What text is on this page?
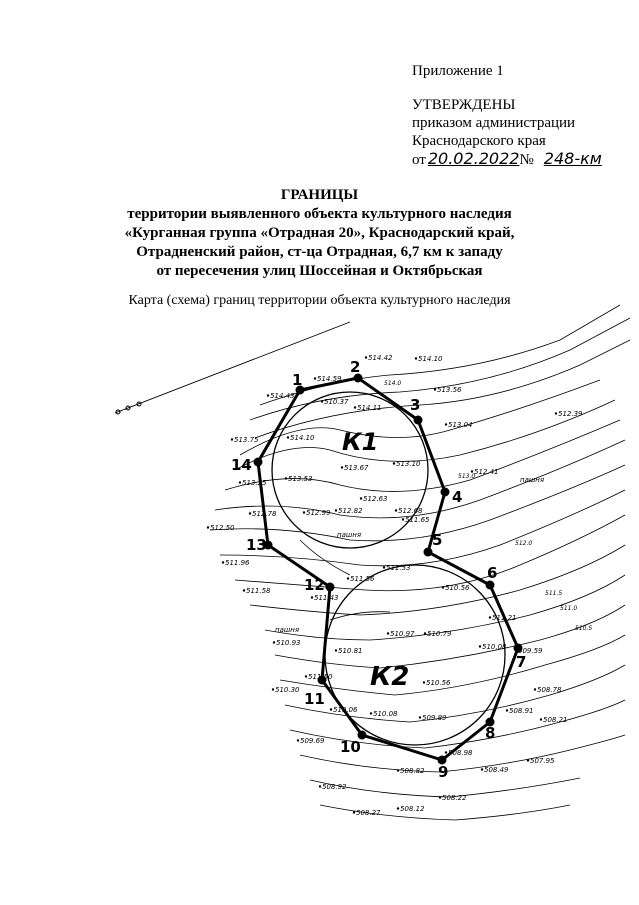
Приложение 1
УТВЕРЖДЕНЫ
приказом администрации
Краснодарского края
от 20.02.2022№ 248-км
ГРАНИЦЫ
территории выявленного объекта культурного наследия
«Курганная группа «Отрадная 20», Краснодарский край,
Отрадненский район, ст-ца Отрадная, 6,7 км к западу
от пересечения улиц Шоссейная и Октябрьская
Карта (схема) границ территории объекта культурного наследия
1
2
3
4
5
6
7
8
9
10
11
12
13
14
К1
К2
пашня
пашня
пашня
514.0
513.0
512.0
511.5
511.0
510.5
514.42	514.10
514.59
514.43
513.56
510.37
514.11
512.39
513.04
513.75	514.10
513.10
512.41
513.67
513.25	513.53
512.63
512.99 512.82	512.68
511.65
512.78
512.50
511.96
511.53
510.56
511.56
511.58
511.43
510.93
510.97 510.79
511.21
510.81	510.08 509.59
511.50
510.56
508.78
510.30
510.06 510.08	509.89
508.91
508.21
509.69
508.98
508.82	508.49
507.95
508.92
508.22
508.27	508.12
